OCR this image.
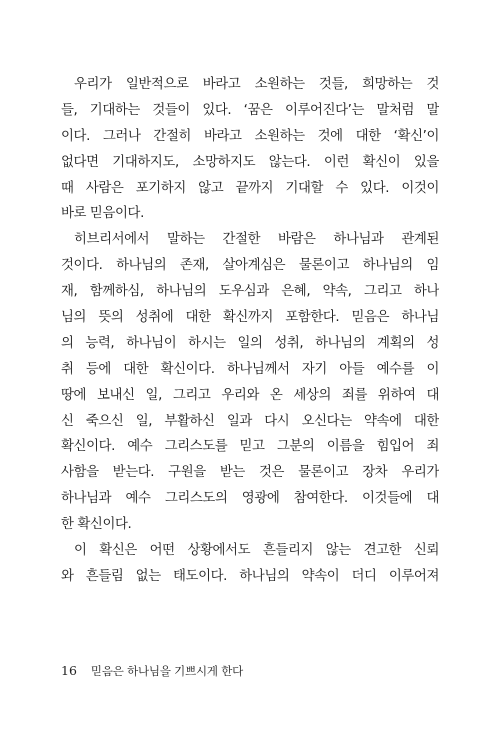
우리가 일반적으로 바라고 소원하는 것들, 희망하는 것
들, 기대하는 것들이 있다. ‘꿈은 이루어진다’는 말처럼 말
이다. 그러나 간절히 바라고 소원하는 것에 대한 ‘확신’이
없다면 기대하지도, 소망하지도 않는다. 이런 확신이 있을
때 사람은 포기하지 않고 끝까지 기대할 수 있다. 이것이
바로 믿음이다.
히브리서에서 말하는 간절한 바람은 하나님과 관계된
것이다. 하나님의 존재, 살아계심은 물론이고 하나님의 임
재, 함께하심, 하나님의 도우심과 은혜, 약속, 그리고 하나
님의 뜻의 성취에 대한 확신까지 포함한다. 믿음은 하나님
의 능력, 하나님이 하시는 일의 성취, 하나님의 계획의 성
취 등에 대한 확신이다. 하나님께서 자기 아들 예수를 이
땅에 보내신 일, 그리고 우리와 온 세상의 죄를 위하여 대
신 죽으신 일, 부활하신 일과 다시 오신다는 약속에 대한
확신이다. 예수 그리스도를 믿고 그분의 이름을 힘입어 죄
사함을 받는다. 구원을 받는 것은 물론이고 장차 우리가
하나님과 예수 그리스도의 영광에 참여한다. 이것들에 대
한 확신이다.
이 확신은 어떤 상황에서도 흔들리지 않는 견고한 신뢰
와 흔들림 없는 태도이다. 하나님의 약속이 더디 이루어져
16 믿음은 하나님을 기쁘시게 한다
